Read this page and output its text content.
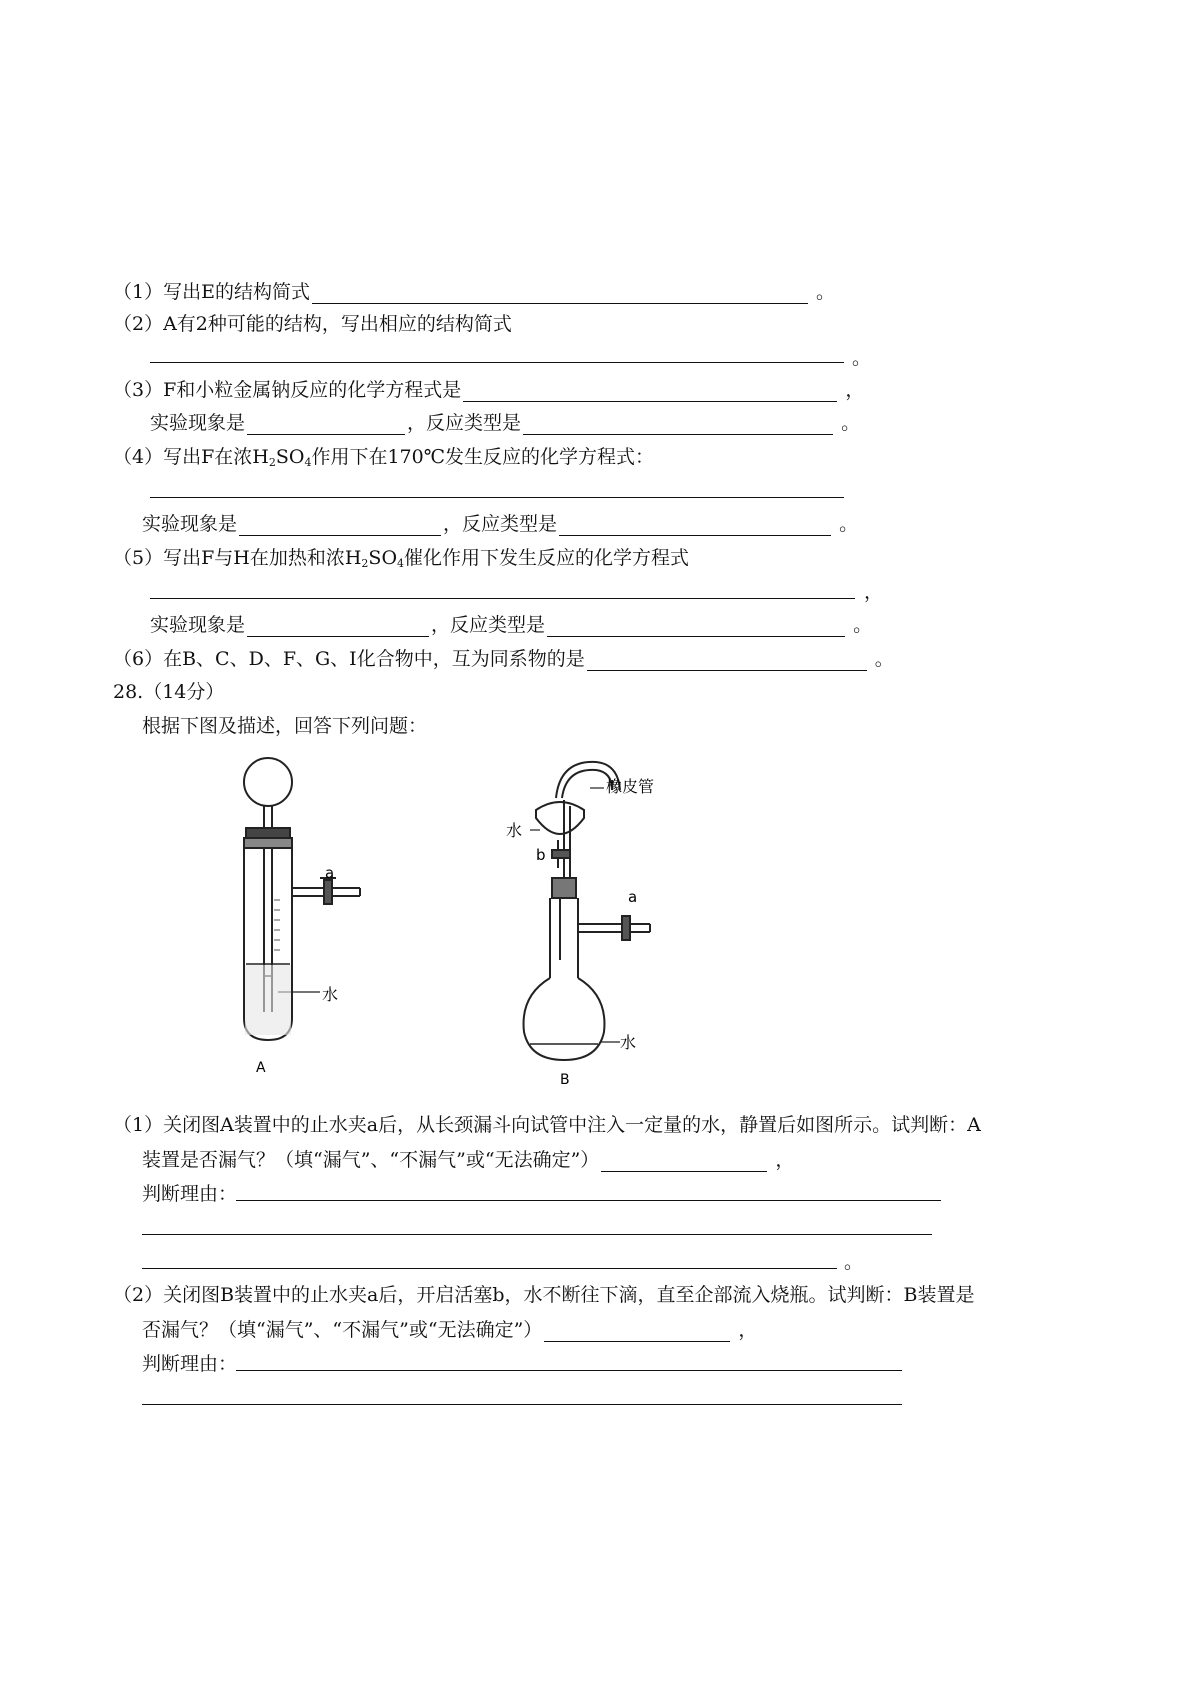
（1）写出E的结构简式	。
（2）A有2种可能的结构，写出相应的结构简式
。
（3）F和小粒金属钠反应的化学方程式是	，
实验现象是	，反应类型是	。
（4）写出F在浓$H_2SO_4$作用下在170℃发生反应的化学方程式：
实验现象是	，反应类型是	。
（5）写出F与H在加热和浓$H_2SO_4$催化作用下发生反应的化学方程式
，
实验现象是	，反应类型是	。
（6）在B、C、D、F、G、I化合物中，互为同系物的是	。
28.（14分）
根据下图及描述，回答下列问题：
a
水
A
橡皮管
水
b
a
水
B
（1）关闭图A装置中的止水夹a后，从长颈漏斗向试管中注入一定量的水，静置后如图所示。试判断：A
装置是否漏气？（填“漏气”、“不漏气”或“无法确定”）	，
判断理由：
。
（2）关闭图B装置中的止水夹a后，开启活塞b，水不断往下滴，直至企部流入烧瓶。试判断：B装置是
否漏气？（填“漏气”、“不漏气”或“无法确定”）	，
判断理由：
